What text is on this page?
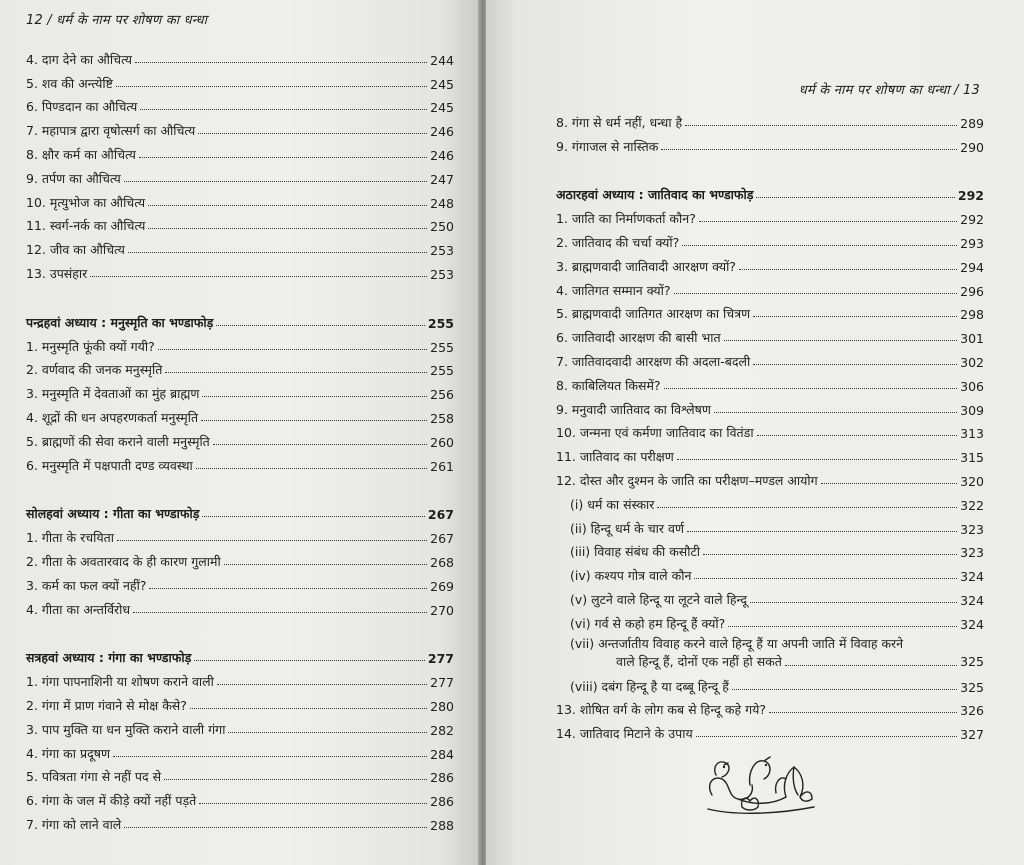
12 / धर्म के नाम पर शोषण का धन्धा
धर्म के नाम पर शोषण का धन्धा / 13
4. दाग देने का औचित्य	244
5. शव की अन्त्येष्टि	245
6. पिण्डदान का औचित्य	245
7. महापात्र द्वारा वृषोत्सर्ग का औचित्य	246
8. क्षौर कर्म का औचित्य	246
9. तर्पण का औचित्य	247
10. मृत्युभोज का औचित्य	248
11. स्वर्ग-नर्क का औचित्य	250
12. जीव का औचित्य	253
13. उपसंहार	253
पन्द्रहवां अध्याय : मनुस्मृति का भण्डाफोड़	255
1. मनुस्मृति फूंकी क्यों गयी?	255
2. वर्णवाद की जनक मनुस्मृति	255
3. मनुस्मृति में देवताओं का मुंह ब्राह्मण	256
4. शूद्रों की धन अपहरणकर्ता मनुस्मृति	258
5. ब्राह्मणों की सेवा कराने वाली मनुस्मृति	260
6. मनुस्मृति में पक्षपाती दण्ड व्यवस्था	261
सोलहवां अध्याय : गीता का भण्डाफोड़	267
1. गीता के रचयिता	267
2. गीता के अवतारवाद के ही कारण गुलामी	268
3. कर्म का फल क्यों नहीं?	269
4. गीता का अन्तर्विरोध	270
सत्रहवां अध्याय : गंगा का भण्डाफोड़	277
1. गंगा पापनाशिनी या शोषण कराने वाली	277
2. गंगा में प्राण गंवाने से मोक्ष कैसे?	280
3. पाप मुक्ति या धन मुक्ति कराने वाली गंगा	282
4. गंगा का प्रदूषण	284
5. पवित्रता गंगा से नहीं पद से	286
6. गंगा के जल में कीड़े क्यों नहीं पड़ते	286
7. गंगा को लाने वाले	288
8. गंगा से धर्म नहीं, धन्धा है	289
9. गंगाजल से नास्तिक	290
अठारहवां अध्याय : जातिवाद का भण्डाफोड़	292
1. जाति का निर्माणकर्ता कौन?	292
2. जातिवाद की चर्चा क्यों?	293
3. ब्राह्मणवादी जातिवादी आरक्षण क्यों?	294
4. जातिगत सम्मान क्यों?	296
5. ब्राह्मणवादी जातिगत आरक्षण का चित्रण	298
6. जातिवादी आरक्षण की बासी भात	301
7. जातिवादवादी आरक्षण की अदला-बदली	302
8. काबिलियत किसमें?	306
9. मनुवादी जातिवाद का विश्लेषण	309
10. जन्मना एवं कर्मणा जातिवाद का वितंडा	313
11. जातिवाद का परीक्षण	315
12. दोस्त और दुश्मन के जाति का परीक्षण–मण्डल आयोग	320
(i) धर्म का संस्कार	322
(ii) हिन्दू धर्म के चार वर्ण	323
(iii) विवाह संबंध की कसौटी	323
(iv) कश्यप गोत्र वाले कौन	324
(v) लुटने वाले हिन्दू या लूटने वाले हिन्दू	324
(vi) गर्व से कहो हम हिन्दू हैं क्यों?	324
(vii) अन्तर्जातीय विवाह करने वाले हिन्दू हैं या अपनी जाति में विवाह करने
वाले हिन्दू हैं, दोनों एक नहीं हो सकते	325
(viii) दबंग हिन्दू है या दब्बू हिन्दू हैं	325
13. शोषित वर्ग के लोग कब से हिन्दू कहे गये?	326
14. जातिवाद मिटाने के उपाय	327
